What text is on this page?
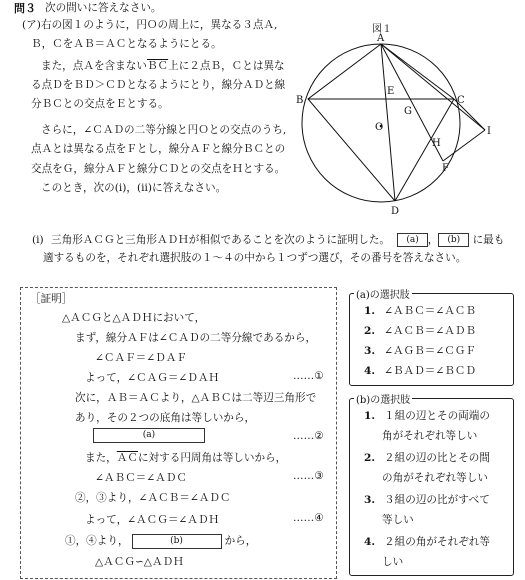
問３ 次の問いに答えなさい。
(ア) 右の図１のように，円Ｏの周上に，異なる３点Ａ,
Ｂ，ＣをＡＢ＝ＡＣとなるようにとる。
また，点Ａを含まない$\overline{BC}$上に２点Ｂ，Ｃとは異な
る点ＤをＢＤ＞ＣＤとなるようにとり，線分ＡＤと線
分ＢＣとの交点をＥとする。
さらに，∠ＣＡＤの二等分線と円Ｏとの交点のうち,
点Ａとは異なる点をＦとし，線分ＡＦと線分ＢＣとの
交点をＧ，線分ＡＦと線分ＣＤとの交点をＨとする。
このとき，次の(i)，(ii)に答えなさい。
図１
A
B	C
D
E
G
H
F
I
O
(i) 三角形ＡＣＧと三角形ＡＤＨが相似であることを次のように証明した。 (a) ， (b) に最も
適するものを，それぞれ選択肢の１～４の中から１つずつ選び，その番号を答えなさい。
［証明］
△ＡＣＧと△ＡＤＨにおいて，
まず，線分ＡＦは∠ＣＡＤの二等分線であるから，
∠ＣＡＦ＝∠ＤＡＦ
よって，∠ＣＡＧ＝∠ＤＡＨ	……①
次に，ＡＢ＝ＡＣより，△ＡＢＣは二等辺三角形で
あり，その２つの底角は等しいから，
(a)	……②
また，$\overline{AC}$に対する円周角は等しいから，
∠ＡＢＣ＝∠ＡＤＣ	……③
②，③より，∠ＡＣＢ＝∠ＡＤＣ
よって，∠ＡＣＧ＝∠ＡＤＨ	……④
①，④より，	(b)	から，
△ＡＣＧ∽△ＡＤＨ
(a)の選択肢
1. ∠ＡＢＣ＝∠ＡＣＢ
2. ∠ＡＣＢ＝∠ＡＤＢ
3. ∠ＡＧＢ＝∠ＣＧＦ
4. ∠ＢＡＤ＝∠ＢＣＤ
(b)の選択肢
1. １組の辺とその両端の
角がそれぞれ等しい
2. ２組の辺の比とその間
の角がそれぞれ等しい
3. ３組の辺の比がすべて
等しい
4. ２組の角がそれぞれ等
しい
